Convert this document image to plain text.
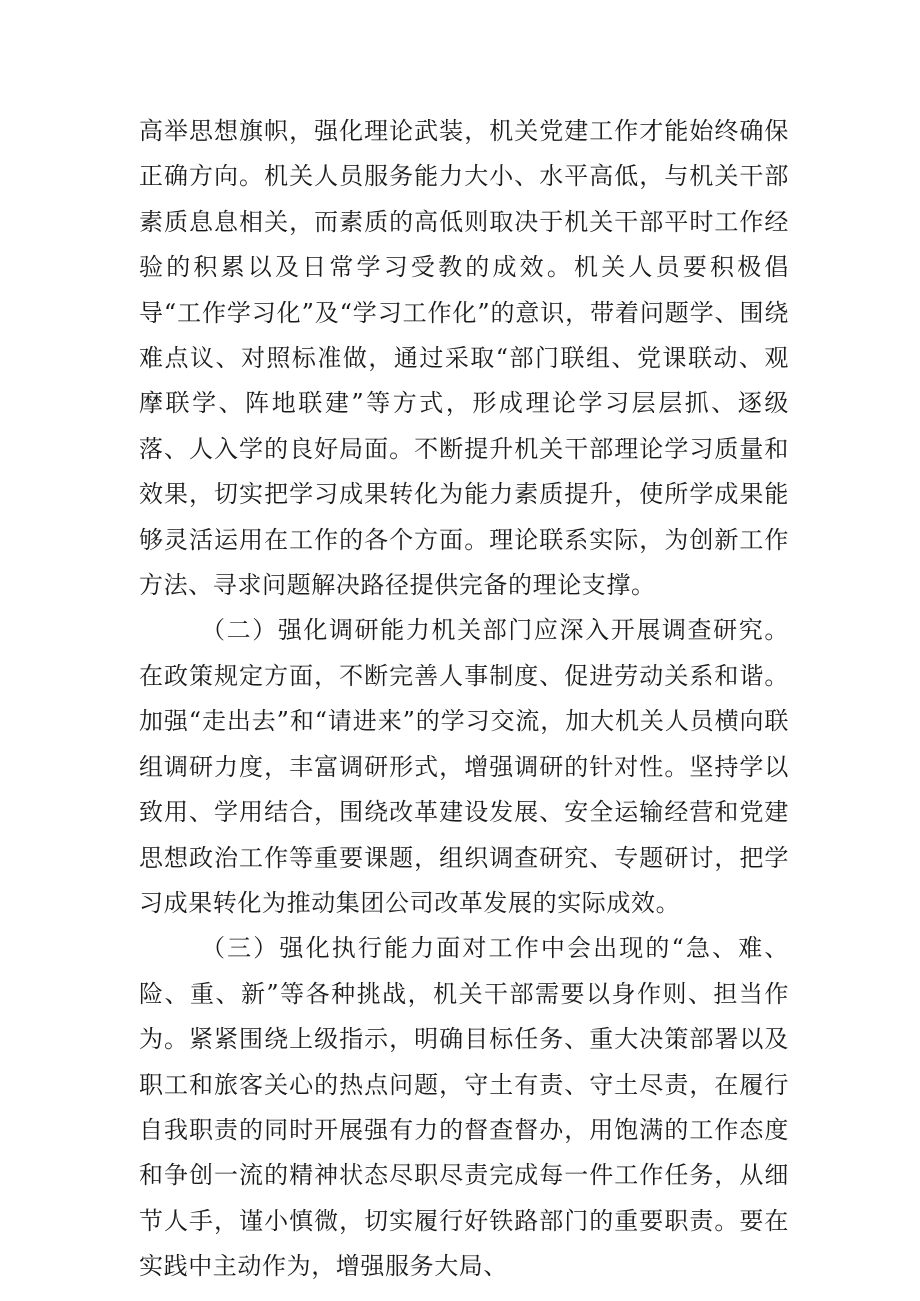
高举思想旗帜，强化理论武装，机关党建工作才能始终确保正确方向。机关人员服务能力大小、水平高低，与机关干部素质息息相关，而素质的高低则取决于机关干部平时工作经验的积累以及日常学习受教的成效。机关人员要积极倡导“工作学习化”及“学习工作化”的意识，带着问题学、围绕难点议、对照标准做，通过采取“部门联组、党课联动、观摩联学、阵地联建”等方式，形成理论学习层层抓、逐级落、人入学的良好局面。不断提升机关干部理论学习质量和效果，切实把学习成果转化为能力素质提升，使所学成果能够灵活运用在工作的各个方面。理论联系实际，为创新工作方法、寻求问题解决路径提供完备的理论支撑。

（二）强化调研能力机关部门应深入开展调查研究。在政策规定方面，不断完善人事制度、促进劳动关系和谐。加强“走出去”和“请进来”的学习交流，加大机关人员横向联组调研力度，丰富调研形式，增强调研的针对性。坚持学以致用、学用结合，围绕改革建设发展、安全运输经营和党建思想政治工作等重要课题，组织调查研究、专题研讨，把学习成果转化为推动集团公司改革发展的实际成效。

（三）强化执行能力面对工作中会出现的“急、难、险、重、新”等各种挑战，机关干部需要以身作则、担当作为。紧紧围绕上级指示，明确目标任务、重大决策部署以及职工和旅客关心的热点问题，守土有责、守土尽责，在履行自我职责的同时开展强有力的督查督办，用饱满的工作态度和争创一流的精神状态尽职尽责完成每一件工作任务，从细节人手，谨小慎微，切实履行好铁路部门的重要职责。要在实践中主动作为，增强服务大局、
